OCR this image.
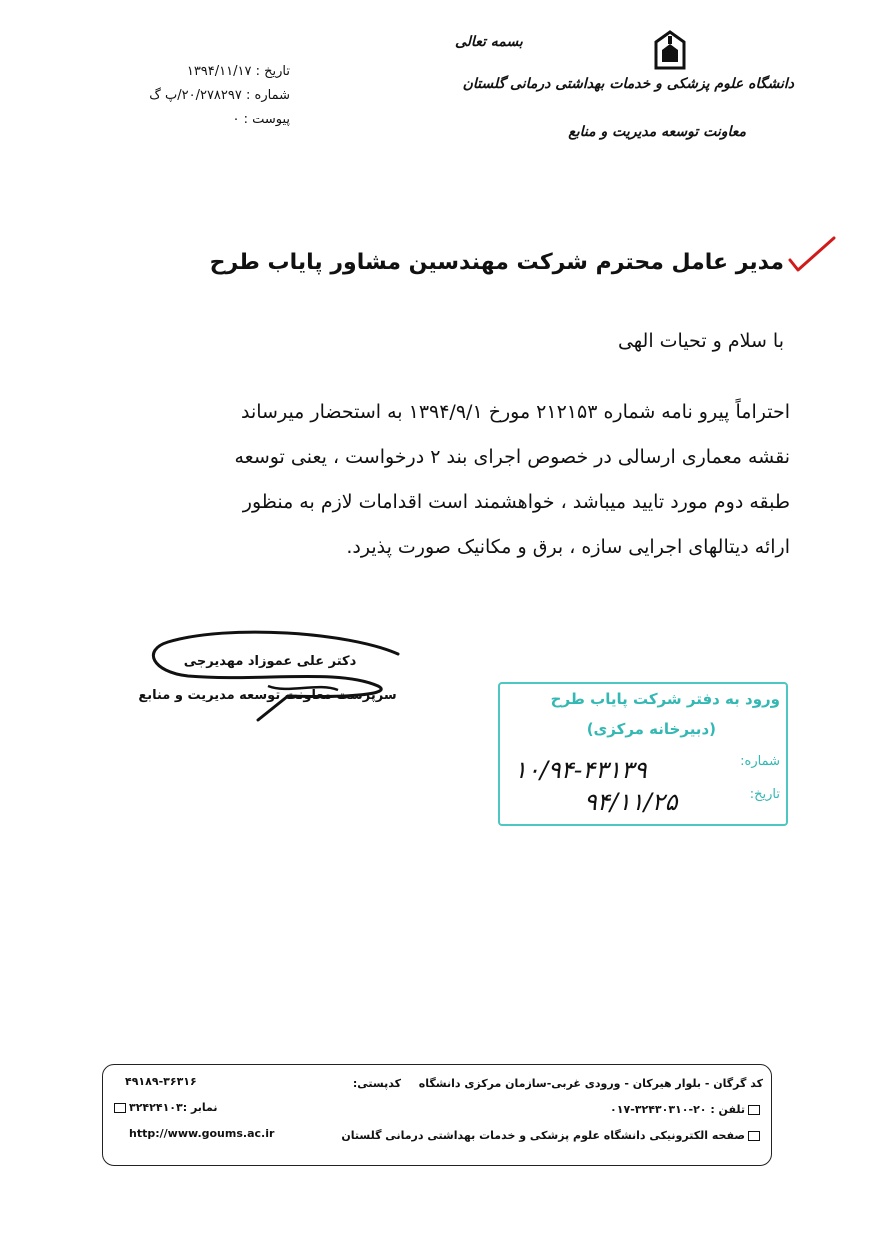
بسمه تعالی
دانشگاه علوم پزشکی و خدمات بهداشتی درمانی گلستان
معاونت توسعه مدیریت و منابع
تاریخ : ۱۳۹۴/۱۱/۱۷
شماره : ۲۰/۲۷۸۲۹۷/پ گ
پیوست : ۰
مدیر عامل محترم شرکت مهندسین مشاور پایاب طرح
با سلام و تحیات الهی

احتراماً پیرو نامه شماره ۲۱۲۱۵۳ مورخ ۱۳۹۴/۹/۱ به استحضار میرساند

نقشه معماری ارسالی در خصوص اجرای بند ۲ درخواست ، یعنی توسعه

طبقه دوم مورد تایید میباشد ، خواهشمند است اقدامات لازم به منظور

ارائه دیتالهای اجرایی سازه ، برق و مکانیک صورت پذیرد.

دکتر علی عموزاد مهدیرجی
سرپرست معاونت توسعه مدیریت و منابع	ورود به دفتر شرکت پایاب طرح
(دبیرخانه مرکزی)
شماره:
۱۰/۹۴-۴۳۱۳۹
تاریخ:
۹۴/۱۱/۲۵
کد گرگان - بلوار هیرکان - ورودی غربی-سازمان مرکزی دانشگاه
کدپستی:
۴۹۱۸۹-۳۶۳۱۶
تلفن : ۲۰-۳۲۴۳۰۳۱۰-۰۱۷
نمابر :۳۲۴۲۴۱۰۳
صفحه الکترونیکی دانشگاه علوم پزشکی و خدمات بهداشتی درمانی گلستان
http://www.goums.ac.ir
